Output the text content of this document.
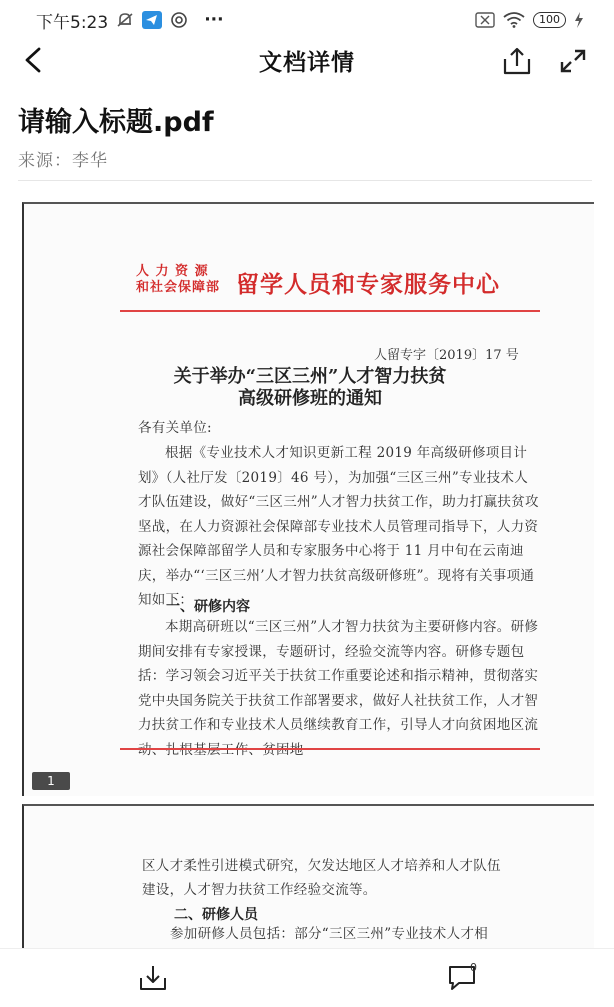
下午5:23	···	100
文档详情
请输入标题.pdf
来源：李华
人 力 资 源
和社会保障部 留学人员和专家服务中心
人留专字〔2019〕17 号
关于举办“三区三州”人才智力扶贫
高级研修班的通知
各有关单位:
根据《专业技术人才知识更新工程 2019 年高级研修项目计划》（人社厅发〔2019〕46 号），为加强“三区三州”专业技术人才队伍建设，做好“三区三州”人才智力扶贫工作，助力打赢扶贫攻坚战，在人力资源社会保障部专业技术人员管理司指导下，人力资源社会保障部留学人员和专家服务中心将于 11 月中旬在云南迪庆，举办“‘三区三州’人才智力扶贫高级研修班”。现将有关事项通知如下：
一、研修内容
本期高研班以“三区三州”人才智力扶贫为主要研修内容。研修期间安排有专家授课，专题研讨，经验交流等内容。研修专题包括：学习领会习近平关于扶贫工作重要论述和指示精神，贯彻落实党中央国务院关于扶贫工作部署要求，做好人社扶贫工作，人才智力扶贫工作和专业技术人员继续教育工作，引导人才向贫困地区流
1
区人才柔性引进模式研究，欠发达地区人才培养和人才队伍
建设，人才智力扶贫工作经验交流等。
二、研修人员
参加研修人员包括：部分“三区三州”专业技术人才相
0
